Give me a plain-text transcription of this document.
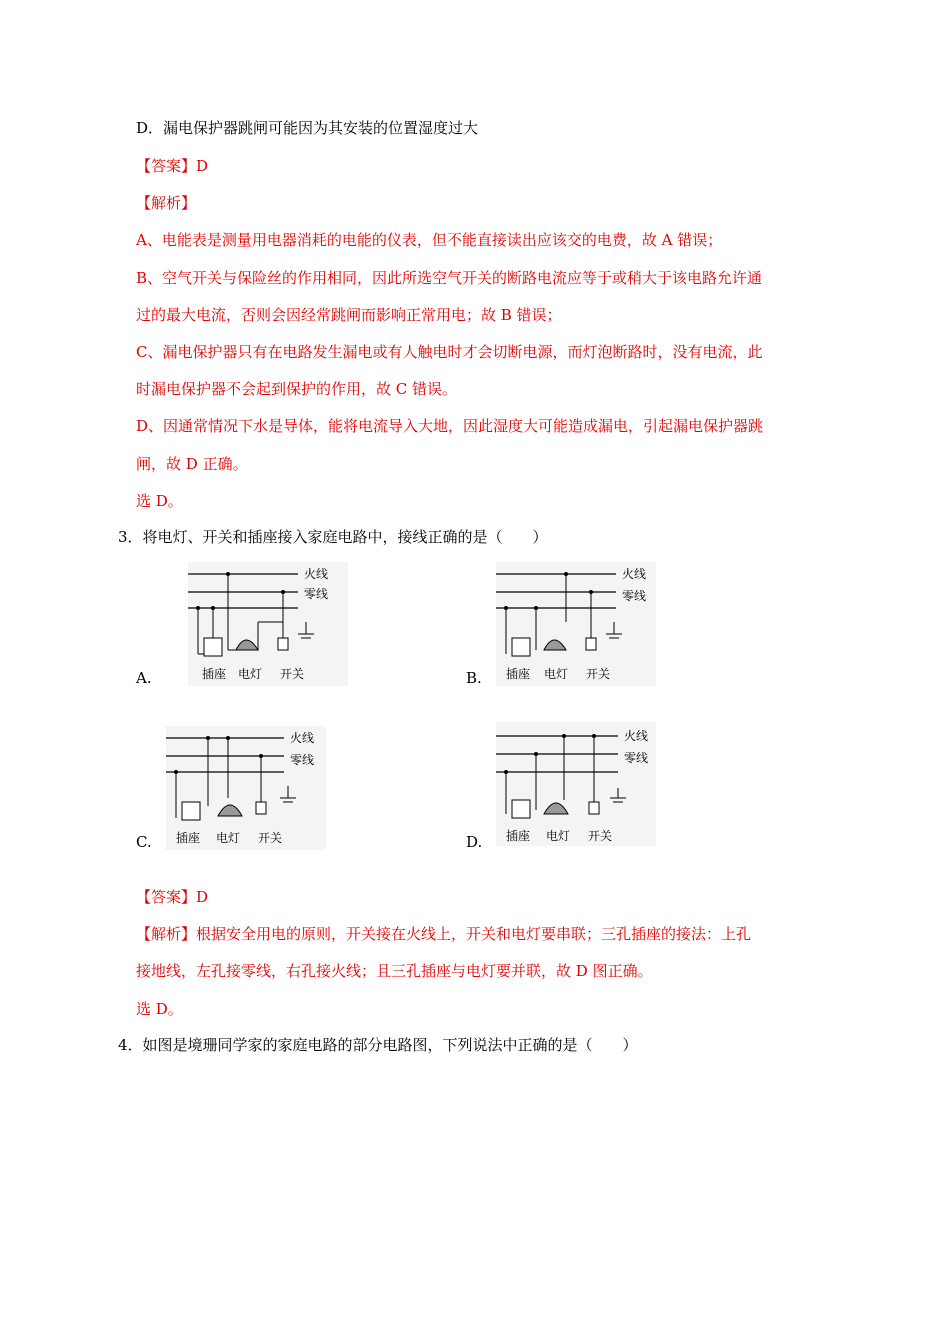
D．漏电保护器跳闸可能因为其安装的位置湿度过大
【答案】D
【解析】
A、电能表是测量用电器消耗的电能的仪表，但不能直接读出应该交的电费，故 A 错误；
B、空气开关与保险丝的作用相同，因此所选空气开关的断路电流应等于或稍大于该电路允许通
过的最大电流，否则会因经常跳闸而影响正常用电；故 B 错误；
C、漏电保护器只有在电路发生漏电或有人触电时才会切断电源，而灯泡断路时，没有电流，此
时漏电保护器不会起到保护的作用，故 C 错误。
D、因通常情况下水是导体，能将电流导入大地，因此湿度大可能造成漏电，引起漏电保护器跳
闸，故 D 正确。
选 D。
3．将电灯、开关和插座接入家庭电路中，接线正确的是（　　）
A.
火线
零线
插座 电灯 开关	B.
火线
零线
插座 电灯 开关
C.
火线
零线
插座 电灯 开关	D.
火线
零线
插座 电灯 开关
【答案】D
【解析】根据安全用电的原则，开关接在火线上，开关和电灯要串联；三孔插座的接法：上孔
接地线，左孔接零线，右孔接火线；且三孔插座与电灯要并联，故 D 图正确。
选 D。
4．如图是境珊同学家的家庭电路的部分电路图，下列说法中正确的是（　　）
